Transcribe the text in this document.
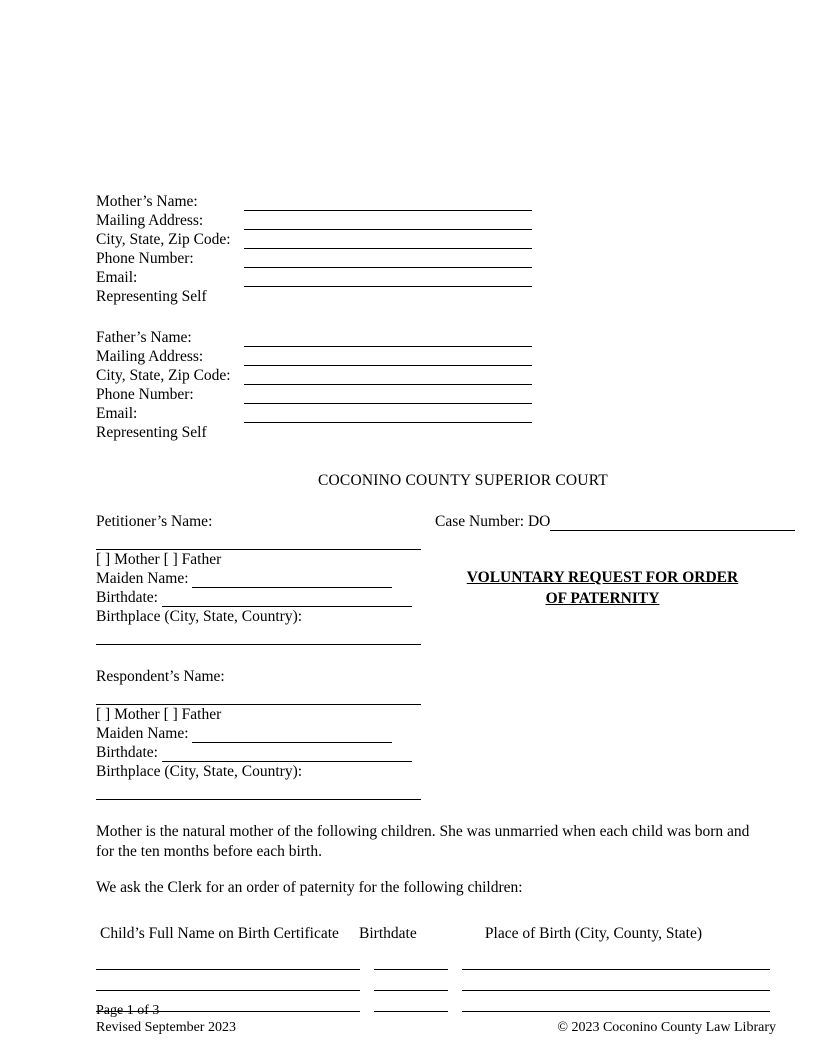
Mother’s Name:
Mailing Address:
City, State, Zip Code:
Phone Number:
Email:
Representing Self
Father’s Name:
Mailing Address:
City, State, Zip Code:
Phone Number:
Email:
Representing Self
COCONINO COUNTY SUPERIOR COURT
Petitioner’s Name:
[ ] Mother [ ] Father
Maiden Name:
Birthdate:
Birthplace (City, State, Country):
Respondent’s Name:
[ ] Mother [ ] Father
Maiden Name:
Birthdate:
Birthplace (City, State, Country):
Case Number: DO
VOLUNTARY REQUEST FOR ORDER
OF PATERNITY
Mother is the natural mother of the following children. She was unmarried when each child was born and for the ten months before each birth.
We ask the Clerk for an order of paternity for the following children:
Child’s Full Name on Birth Certificate	Birthdate	Place of Birth (City, County, State)
Page 1 of 3
Revised September 2023	© 2023 Coconino County Law Library
